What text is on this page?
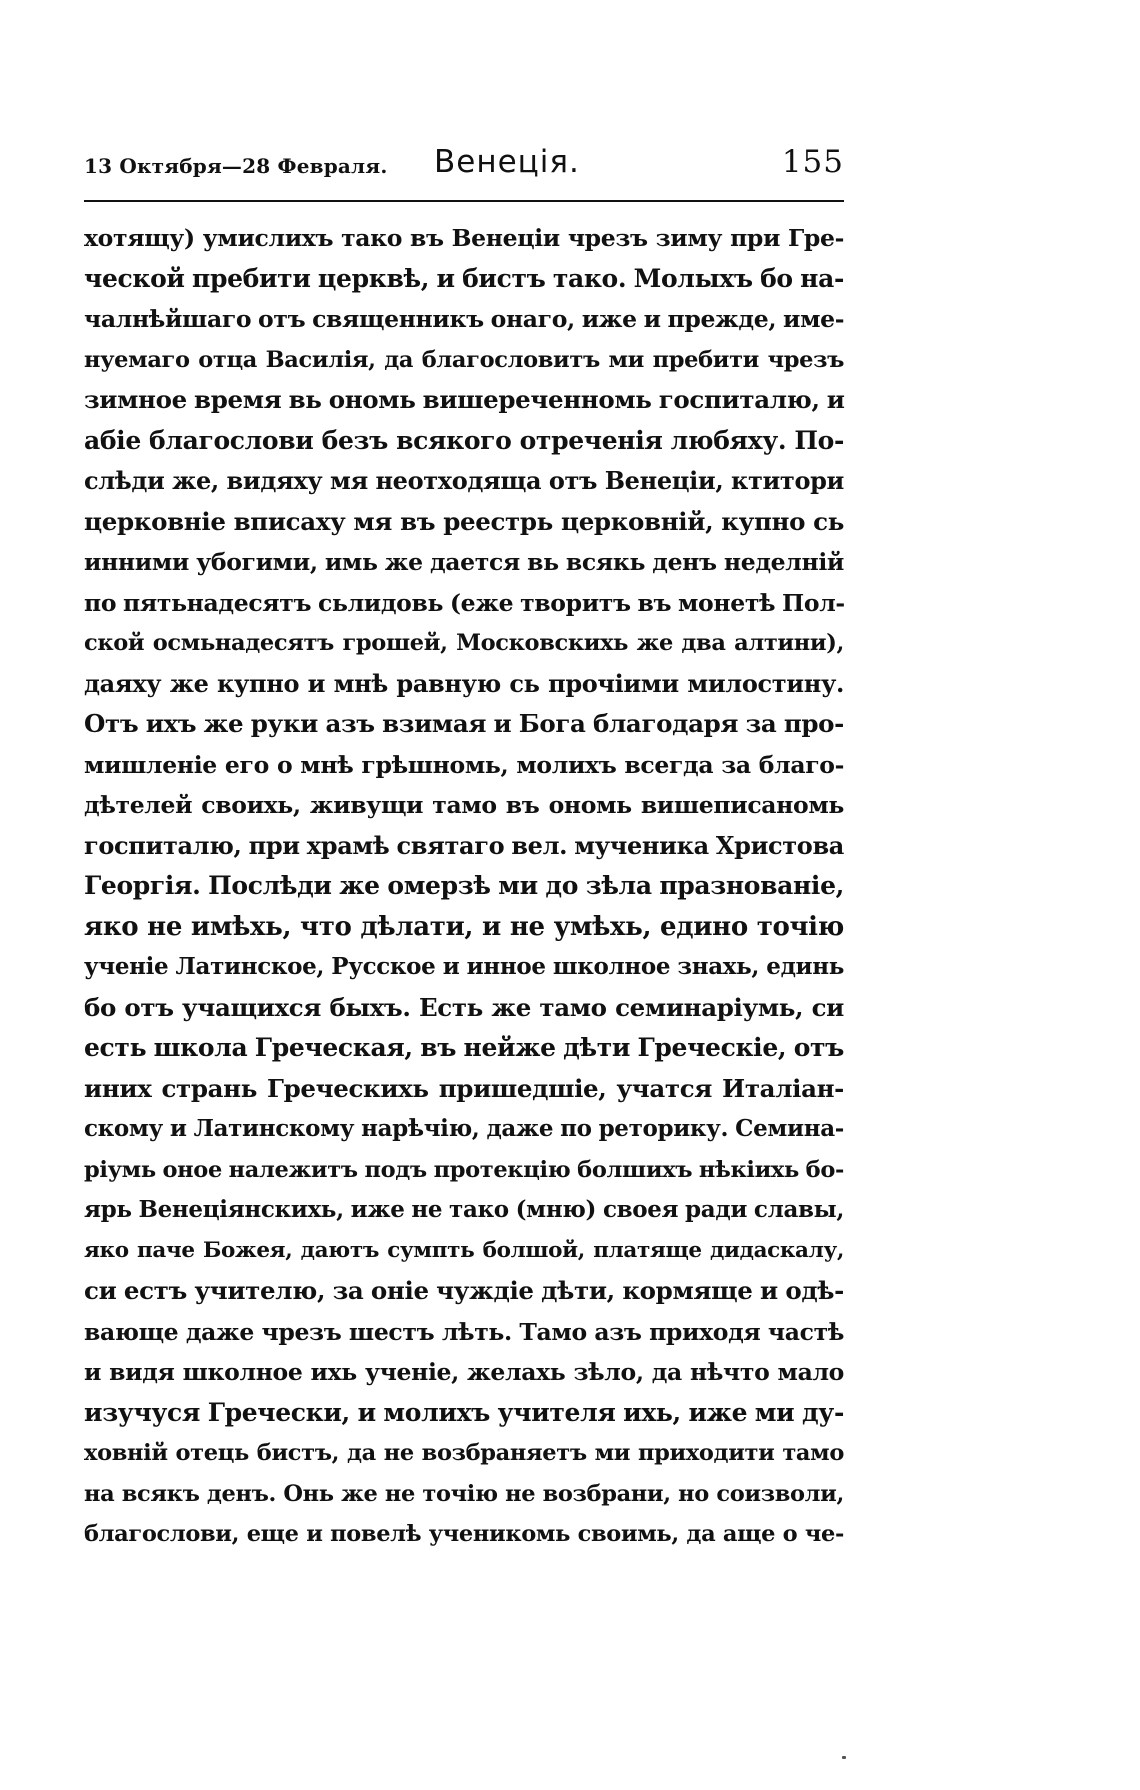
13 Октября—28 Февраля. Венеція.	155
хотящу) умислихъ тако въ Венеціи чрезъ зиму при Гре-
ческой пребити церквѣ, и бистъ тако. Молыхъ бо на-
чалнѣйшаго отъ священникъ онаго, иже и прежде, име-
нуемаго отца Василія, да благословитъ ми пребити чрезъ
зимное время вь ономь вишереченномь госпиталю, и
абіе благослови безъ всякого отреченія любяху. По-
слѣди же, видяху мя неотходяща отъ Венеціи, ктитори
церковніе вписаху мя въ реестрь церковній, купно сь
инними убогими, имь же дается вь всякь денъ неделній
по пятьнадесятъ сьлидовь (еже творитъ въ монетѣ Пол-
ской осмьнадесятъ грошей, Московскихь же два алтини),
даяху же купно и мнѣ равную сь прочіими милостину.
Отъ ихъ же руки азъ взимая и Бога благодаря за про-
мишленіе его о мнѣ грѣшномь, молихъ всегда за благо-
дѣтелей своихь, живущи тамо въ ономь вишеписаномь
госпиталю, при храмѣ святаго вел. мученика Христова
Георгія. Послѣди же омерзѣ ми до зѣла празнованіе,
яко не имѣхь, что дѣлати, и не умѣхь, едино точію
ученіе Латинское, Русское и инное школное знахь, единь
бо отъ учащихся быхъ. Есть же тамо семинаріумь, си
есть школа Греческая, въ нейже дѣти Греческіе, отъ
иних странь Греческихь пришедшіе, учатся Италіан-
скому и Латинскому нарѣчію, даже по реторику. Семина-
ріумь оное належитъ подъ протекцію болшихъ нѣкіихь бо-
ярь Венеціянскихь, иже не тако (мню) своея ради славы,
яко паче Божея, даютъ сумпть болшой, платяще дидаскалу,
си естъ учителю, за оніе чуждіе дѣти, кормяще и одѣ-
вающе даже чрезъ шестъ лѣть. Тамо азъ приходя частѣ
и видя школное ихь ученіе, желахь зѣло, да нѣчто мало
изучуся Гречески, и молихъ учителя ихь, иже ми ду-
ховній отець бистъ, да не возбраняетъ ми приходити тамо
на всякъ денъ. Онь же не точію не возбрани, но соизволи,
благослови, еще и повелѣ ученикомь своимь, да аще о че-
